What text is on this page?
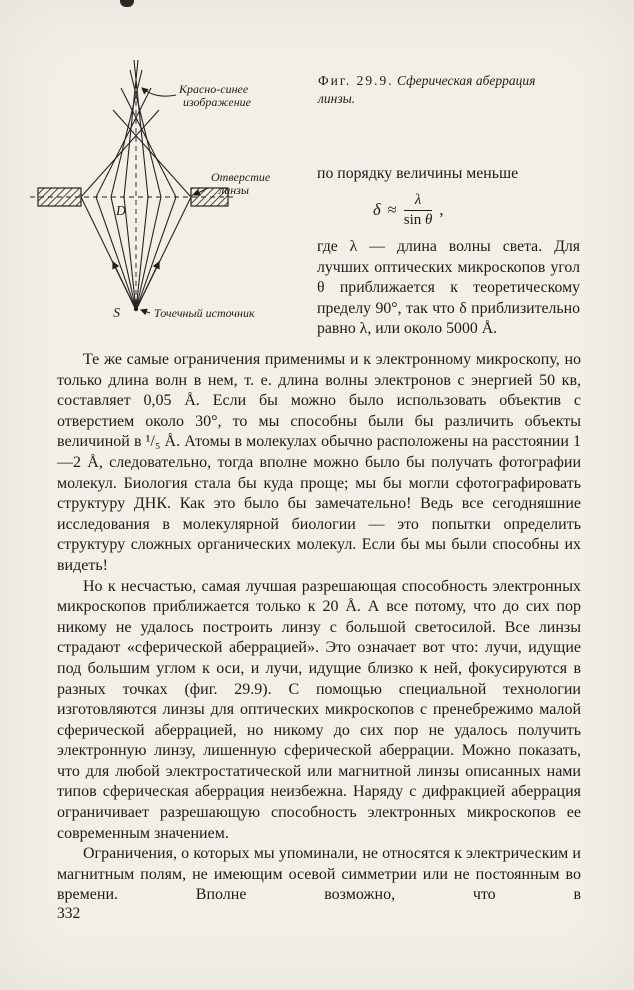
Красно-синее
изображение
Отверстие
линзы
D
S	Точечный источник
Фиг. 29.9. Сферическая аберрация линзы.

по порядку величины меньше

$\delta \approx \frac{\lambda}{\text{sin θ}}$ ,

где λ — длина волны света. Для лучших оптических микроскопов угол θ приближается к теоретическому пределу 90°, так что δ приблизительно равно λ, или около 5000 Å.

Те же самые ограничения применимы и к электронному микроскопу, но только длина волн в нем, т. е. длина волны электронов с энергией 50 кв, составляет 0,05 Å. Если бы можно было использовать объектив с отверстием около 30°, то мы способны были бы различить объекты величиной в ¹/₅ Å. Атомы в молекулах обычно расположены на расстоянии 1—2 Å, следовательно, тогда вполне можно было бы получать фотографии молекул. Биология стала бы куда проще; мы бы могли сфотографировать структуру ДНК. Как это было бы замечательно! Ведь все сегодняшние исследования в молекулярной биологии — это попытки определить структуру сложных органических молекул. Если бы мы были способны их видеть!

Но к несчастью, самая лучшая разрешающая способность электронных микроскопов приближается только к 20 Å. А все потому, что до сих пор никому не удалось построить линзу с большой светосилой. Все линзы страдают «сферической аберрацией». Это означает вот что: лучи, идущие под большим углом к оси, и лучи, идущие близко к ней, фокусируются в разных точках (фиг. 29.9). С помощью специальной технологии изготовляются линзы для оптических микроскопов с пренебрежимо малой сферической аберрацией, но никому до сих пор не удалось получить электронную линзу, лишенную сферической аберрации. Можно показать, что для любой электростатической или магнитной линзы описанных нами типов сферическая аберрация неизбежна. Наряду с дифракцией аберрация ограничивает разрешающую способность электронных микроскопов ее современным значением.

Ограничения, о которых мы упоминали, не относятся к электрическим и магнитным полям, не имеющим осевой симметрии или не постоянным во времени. Вполне возможно, что в

332
